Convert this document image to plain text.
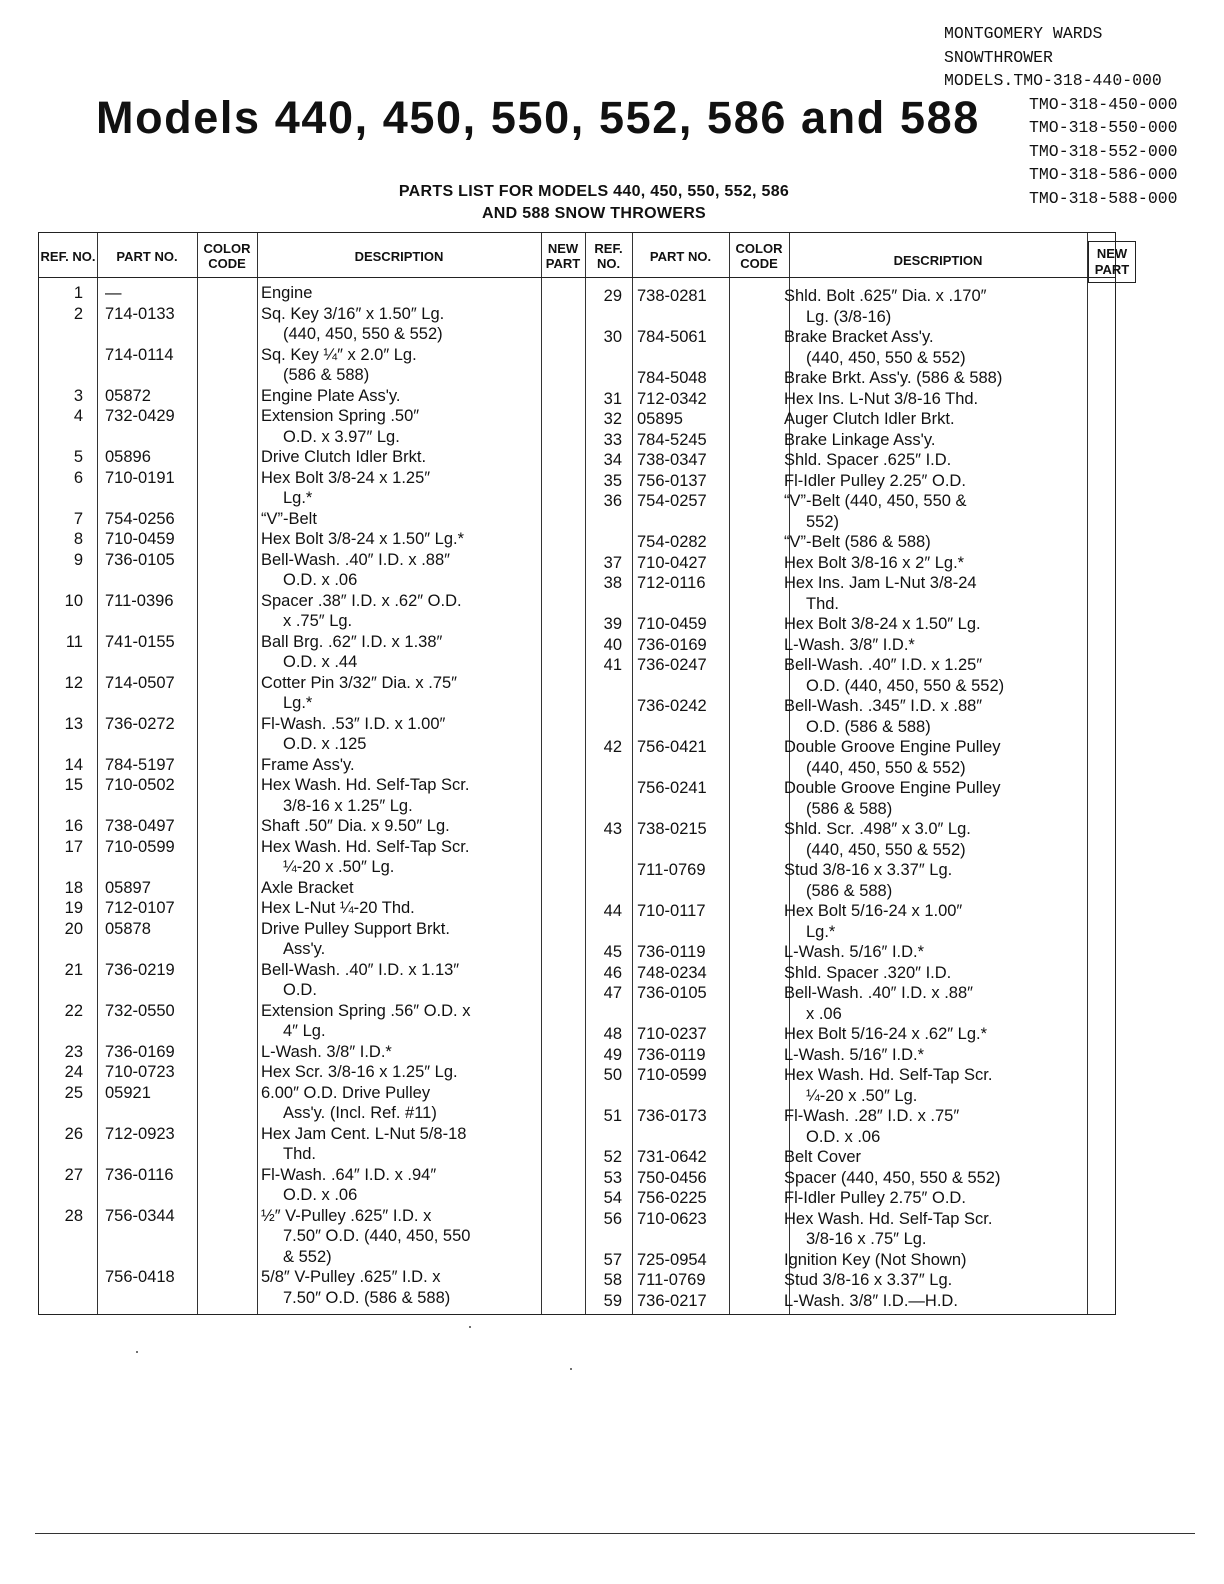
MONTGOMERY WARDS
SNOWTHROWER
MODELS.TMO-318-440-000
TMO-318-450-000
TMO-318-550-000
TMO-318-552-000
TMO-318-586-000
TMO-318-588-000
Models 440, 450, 550, 552, 586 and 588
PARTS LIST FOR MODELS 440, 450, 550, 552, 586
AND 588 SNOW THROWERS
REF. NO.	PART NO.	COLOR CODE	DESCRIPTION	NEW PART
REF. NO.	PART NO.	COLOR CODE	DESCRIPTION
1 —	Engine
2 714-0133	Sq. Key 3/16″ x 1.50″ Lg.
(440, 450, 550 & 552)
714-0114	Sq. Key ¼″ x 2.0″ Lg.
(586 & 588)
3 05872	Engine Plate Ass'y.
4 732-0429	Extension Spring .50″
O.D. x 3.97″ Lg.
5 05896	Drive Clutch Idler Brkt.
6 710-0191	Hex Bolt 3/8-24 x 1.25″
Lg.*
7 754-0256	“V”-Belt
8 710-0459	Hex Bolt 3/8-24 x 1.50″ Lg.*
9 736-0105	Bell-Wash. .40″ I.D. x .88″
O.D. x .06
10 711-0396	Spacer .38″ I.D. x .62″ O.D.
x .75″ Lg.
11 741-0155	Ball Brg. .62″ I.D. x 1.38″
O.D. x .44
12 714-0507	Cotter Pin 3/32″ Dia. x .75″
Lg.*
13 736-0272	Fl-Wash. .53″ I.D. x 1.00″
O.D. x .125
14 784-5197	Frame Ass'y.
15 710-0502	Hex Wash. Hd. Self-Tap Scr.
3/8-16 x 1.25″ Lg.
16 738-0497	Shaft .50″ Dia. x 9.50″ Lg.
17 710-0599	Hex Wash. Hd. Self-Tap Scr.
¼-20 x .50″ Lg.
18 05897	Axle Bracket
19 712-0107	Hex L-Nut ¼-20 Thd.
20 05878	Drive Pulley Support Brkt.
Ass'y.
21 736-0219	Bell-Wash. .40″ I.D. x 1.13″
O.D.
22 732-0550	Extension Spring .56″ O.D. x
4″ Lg.
23 736-0169	L-Wash. 3/8″ I.D.*
24 710-0723	Hex Scr. 3/8-16 x 1.25″ Lg.
25 05921	6.00″ O.D. Drive Pulley
Ass'y. (Incl. Ref. #11)
26 712-0923	Hex Jam Cent. L-Nut 5/8-18
Thd.
27 736-0116	Fl-Wash. .64″ I.D. x .94″
O.D. x .06
28 756-0344	½″ V-Pulley .625″ I.D. x
7.50″ O.D. (440, 450, 550
& 552)
756-0418	5/8″ V-Pulley .625″ I.D. x
7.50″ O.D. (586 & 588)
29 738-0281	Shld. Bolt .625″ Dia. x .170″
Lg. (3/8-16)
30 784-5061	Brake Bracket Ass'y.
(440, 450, 550 & 552)
784-5048	Brake Brkt. Ass'y. (586 & 588)
31 712-0342	Hex Ins. L-Nut 3/8-16 Thd.
32 05895	Auger Clutch Idler Brkt.
33 784-5245	Brake Linkage Ass'y.
34 738-0347	Shld. Spacer .625″ I.D.
35 756-0137	Fl-Idler Pulley 2.25″ O.D.
36 754-0257	“V”-Belt (440, 450, 550 &
552)
754-0282	“V”-Belt (586 & 588)
37 710-0427	Hex Bolt 3/8-16 x 2″ Lg.*
38 712-0116	Hex Ins. Jam L-Nut 3/8-24
Thd.
39 710-0459	Hex Bolt 3/8-24 x 1.50″ Lg.
40 736-0169	L-Wash. 3/8″ I.D.*
41 736-0247	Bell-Wash. .40″ I.D. x 1.25″
O.D. (440, 450, 550 & 552)
736-0242	Bell-Wash. .345″ I.D. x .88″
O.D. (586 & 588)
42 756-0421	Double Groove Engine Pulley
(440, 450, 550 & 552)
756-0241	Double Groove Engine Pulley
(586 & 588)
43 738-0215	Shld. Scr. .498″ x 3.0″ Lg.
(440, 450, 550 & 552)
711-0769	Stud 3/8-16 x 3.37″ Lg.
(586 & 588)
44 710-0117	Hex Bolt 5/16-24 x 1.00″
Lg.*
45 736-0119	L-Wash. 5/16″ I.D.*
46 748-0234	Shld. Spacer .320″ I.D.
47 736-0105	Bell-Wash. .40″ I.D. x .88″
x .06
48 710-0237	Hex Bolt 5/16-24 x .62″ Lg.*
49 736-0119	L-Wash. 5/16″ I.D.*
50 710-0599	Hex Wash. Hd. Self-Tap Scr.
¼-20 x .50″ Lg.
51 736-0173	Fl-Wash. .28″ I.D. x .75″
O.D. x .06
52 731-0642	Belt Cover
53 750-0456	Spacer (440, 450, 550 & 552)
54 756-0225	Fl-Idler Pulley 2.75″ O.D.
56 710-0623	Hex Wash. Hd. Self-Tap Scr.
3/8-16 x .75″ Lg.
57 725-0954	Ignition Key (Not Shown)
58 711-0769	Stud 3/8-16 x 3.37″ Lg.
59 736-0217	L-Wash. 3/8″ I.D.—H.D.
NEW PART
